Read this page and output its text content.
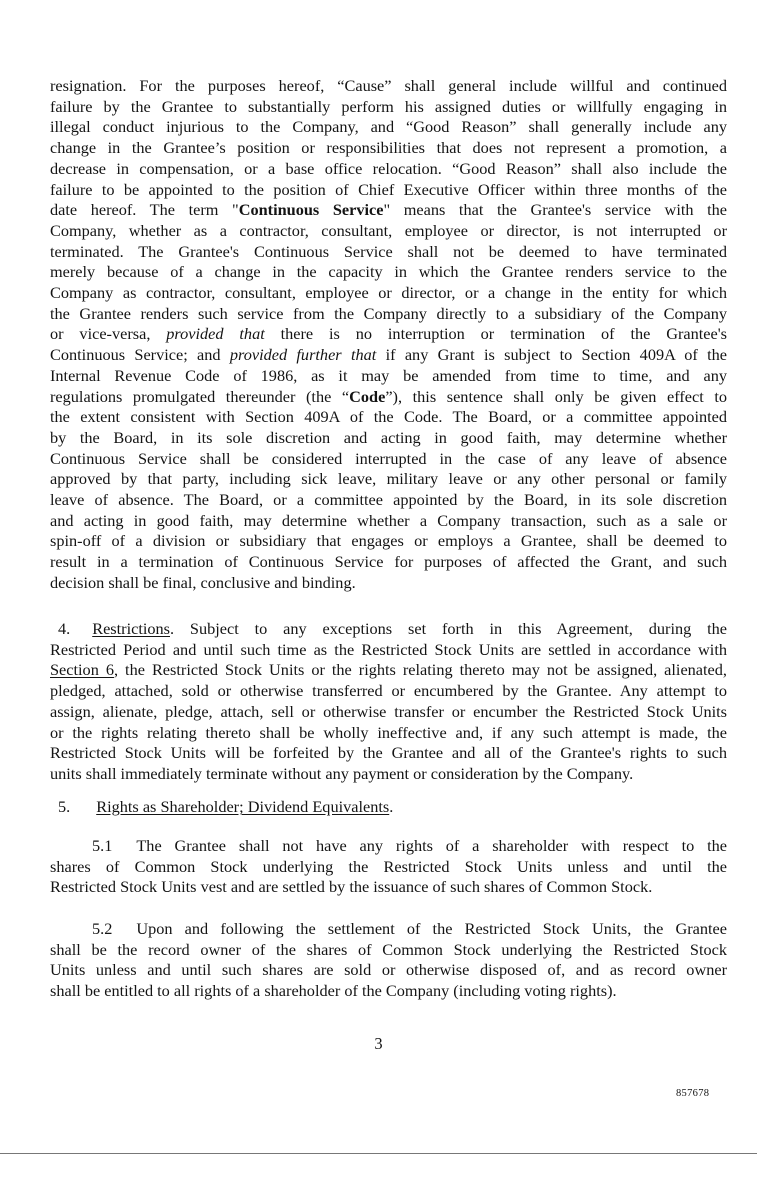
resignation. For the purposes hereof, “Cause” shall general include willful and continued
failure by the Grantee to substantially perform his assigned duties or willfully engaging in
illegal conduct injurious to the Company, and “Good Reason” shall generally include any
change in the Grantee’s position or responsibilities that does not represent a promotion, a
decrease in compensation, or a base office relocation. “Good Reason” shall also include the
failure to be appointed to the position of Chief Executive Officer within three months of the
date hereof. The term "Continuous Service" means that the Grantee's service with the
Company, whether as a contractor, consultant, employee or director, is not interrupted or
terminated. The Grantee's Continuous Service shall not be deemed to have terminated
merely because of a change in the capacity in which the Grantee renders service to the
Company as contractor, consultant, employee or director, or a change in the entity for which
the Grantee renders such service from the Company directly to a subsidiary of the Company
or vice-versa, provided that there is no interruption or termination of the Grantee's
Continuous Service; and provided further that if any Grant is subject to Section 409A of the
Internal Revenue Code of 1986, as it may be amended from time to time, and any
regulations promulgated thereunder (the “Code”), this sentence shall only be given effect to
the extent consistent with Section 409A of the Code. The Board, or a committee appointed
by the Board, in its sole discretion and acting in good faith, may determine whether
Continuous Service shall be considered interrupted in the case of any leave of absence
approved by that party, including sick leave, military leave or any other personal or family
leave of absence. The Board, or a committee appointed by the Board, in its sole discretion
and acting in good faith, may determine whether a Company transaction, such as a sale or
spin-off of a division or subsidiary that engages or employs a Grantee, shall be deemed to
result in a termination of Continuous Service for purposes of affected the Grant, and such
decision shall be final, conclusive and binding.
4. Restrictions. Subject to any exceptions set forth in this Agreement, during the
Restricted Period and until such time as the Restricted Stock Units are settled in accordance with
Section 6, the Restricted Stock Units or the rights relating thereto may not be assigned, alienated,
pledged, attached, sold or otherwise transferred or encumbered by the Grantee. Any attempt to
assign, alienate, pledge, attach, sell or otherwise transfer or encumber the Restricted Stock Units
or the rights relating thereto shall be wholly ineffective and, if any such attempt is made, the
Restricted Stock Units will be forfeited by the Grantee and all of the Grantee's rights to such
units shall immediately terminate without any payment or consideration by the Company.
5. Rights as Shareholder; Dividend Equivalents.
5.1 The Grantee shall not have any rights of a shareholder with respect to the
shares of Common Stock underlying the Restricted Stock Units unless and until the
Restricted Stock Units vest and are settled by the issuance of such shares of Common Stock.
5.2 Upon and following the settlement of the Restricted Stock Units, the Grantee
shall be the record owner of the shares of Common Stock underlying the Restricted Stock
Units unless and until such shares are sold or otherwise disposed of, and as record owner
shall be entitled to all rights of a shareholder of the Company (including voting rights).
3
857678
